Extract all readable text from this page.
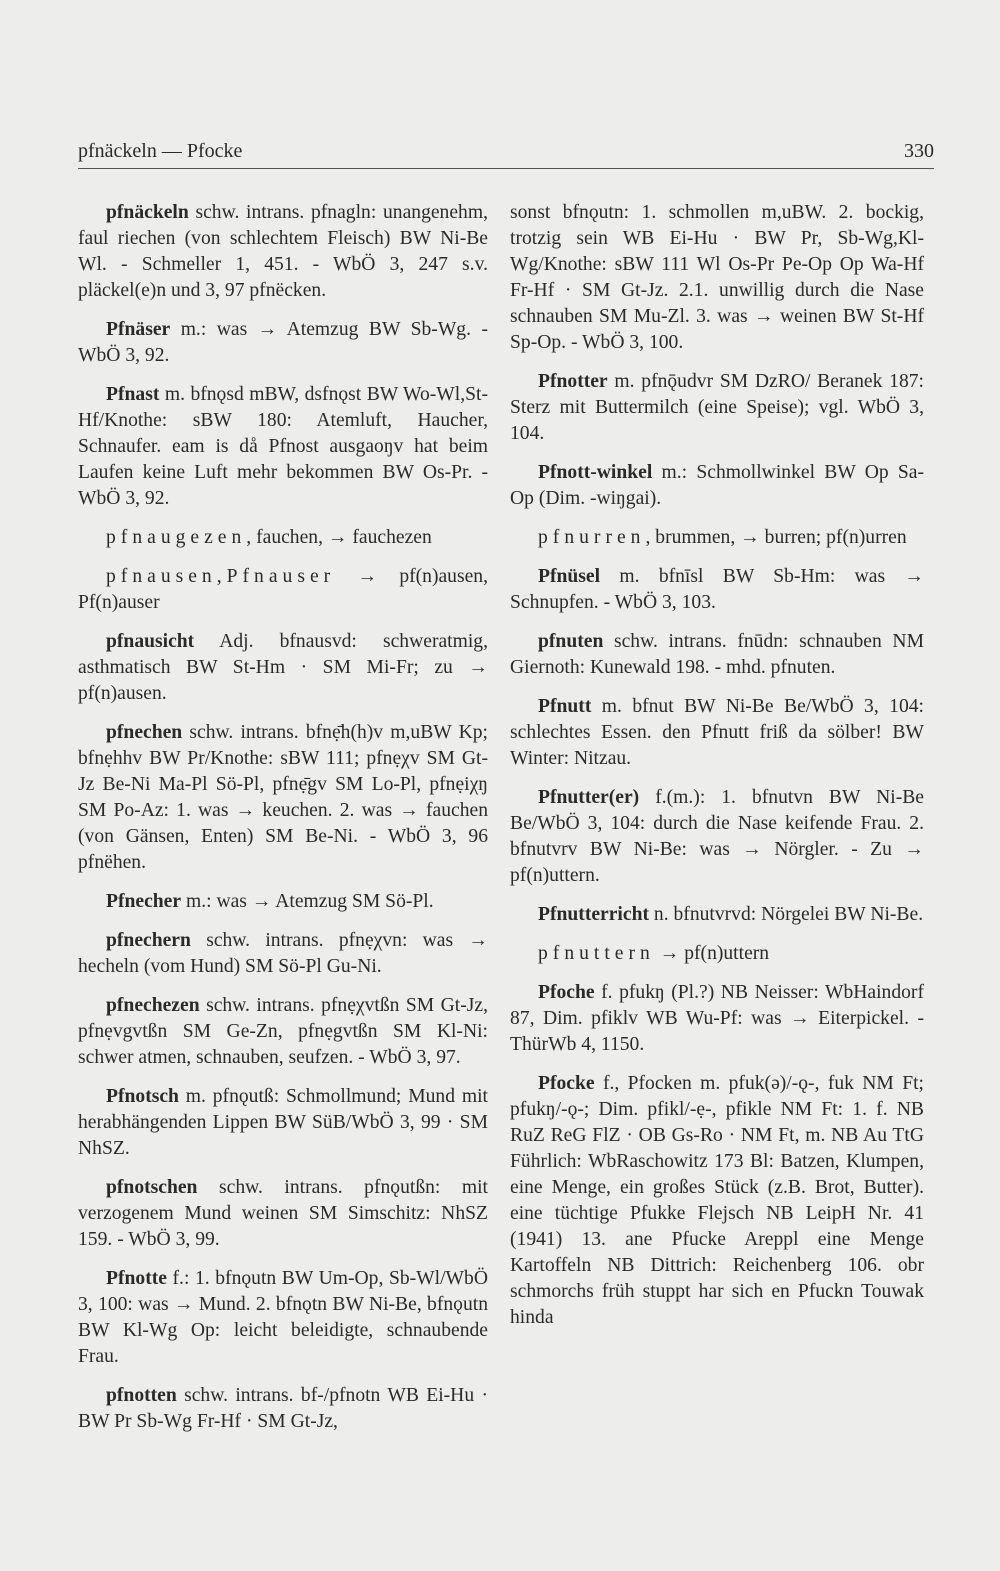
pfnäckeln — Pfocke	330

pfnäckeln schw. intrans. pfnagln: unangenehm, faul riechen (von schlechtem Fleisch) BW Ni-Be Wl. - Schmeller 1, 451. - WbÖ 3, 247 s.v. pläckel(e)n und 3, 97 pfnëcken.

Pfnäser m.: was → Atemzug BW Sb-Wg. - WbÖ 3, 92.

Pfnast m. bfnǫsd mBW, dsfnǫst BW Wo-Wl,St-Hf/Knothe: sBW 180: Atemluft, Haucher, Schnaufer. eam is då Pfnost ausgaoŋv hat beim Laufen keine Luft mehr bekommen BW Os-Pr. - WbÖ 3, 92.

pfnaugezen, fauchen, → fauchezen

pfnausen,Pfnauser → pf(n)ausen, Pf(n)auser

pfnausicht Adj. bfnausvd: schweratmig, asthmatisch BW St-Hm · SM Mi-Fr; zu → pf(n)ausen.

pfnechen schw. intrans. bfnẹ̄h(h)v m,uBW Kp; bfnẹhhv BW Pr/Knothe: sBW 111; pfnẹχv SM Gt-Jz Be-Ni Ma-Pl Sö-Pl, pfnẹ̄gv SM Lo-Pl, pfnẹiχŋ SM Po-Az: 1. was → keuchen. 2. was → fauchen (von Gänsen, Enten) SM Be-Ni. - WbÖ 3, 96 pfnëhen.

Pfnecher m.: was → Atemzug SM Sö-Pl.

pfnechern schw. intrans. pfnẹχvn: was → hecheln (vom Hund) SM Sö-Pl Gu-Ni.

pfnechezen schw. intrans. pfnẹχvtßn SM Gt-Jz, pfnẹvgvtßn SM Ge-Zn, pfnẹgvtßn SM Kl-Ni: schwer atmen, schnauben, seufzen. - WbÖ 3, 97.

Pfnotsch m. pfnǫutß: Schmollmund; Mund mit herabhängenden Lippen BW SüB/WbÖ 3, 99 · SM NhSZ.

pfnotschen schw. intrans. pfnǫutßn: mit verzogenem Mund weinen SM Simschitz: NhSZ 159. - WbÖ 3, 99.

Pfnotte f.: 1. bfnǫutn BW Um-Op, Sb-Wl/WbÖ 3, 100: was → Mund. 2. bfnǫtn BW Ni-Be, bfnǫutn BW Kl-Wg Op: leicht beleidigte, schnaubende Frau.

pfnotten schw. intrans. bf-/pfnotn WB Ei-Hu · BW Pr Sb-Wg Fr-Hf · SM Gt-Jz,

sonst bfnǫutn: 1. schmollen m,uBW. 2. bockig, trotzig sein WB Ei-Hu · BW Pr, Sb-Wg,Kl-Wg/Knothe: sBW 111 Wl Os-Pr Pe-Op Op Wa-Hf Fr-Hf · SM Gt-Jz. 2.1. unwillig durch die Nase schnauben SM Mu-Zl. 3. was → weinen BW St-Hf Sp-Op. - WbÖ 3, 100.

Pfnotter m. pfnǭudvr SM DzRO/ Beranek 187: Sterz mit Buttermilch (eine Speise); vgl. WbÖ 3, 104.

Pfnott-winkel m.: Schmollwinkel BW Op Sa-Op (Dim. -wiŋgai).

pfnurren, brummen, → burren; pf(n)urren

Pfnüsel m. bfnīsl BW Sb-Hm: was → Schnupfen. - WbÖ 3, 103.

pfnuten schw. intrans. fnūdn: schnauben NM Giernoth: Kunewald 198. - mhd. pfnuten.

Pfnutt m. bfnut BW Ni-Be Be/WbÖ 3, 104: schlechtes Essen. den Pfnutt friß da sölber! BW Winter: Nitzau.

Pfnutter(er) f.(m.): 1. bfnutvn BW Ni-Be Be/WbÖ 3, 104: durch die Nase keifende Frau. 2. bfnutvrv BW Ni-Be: was → Nörgler. - Zu → pf(n)uttern.

Pfnutterricht n. bfnutvrvd: Nörgelei BW Ni-Be.

pfnuttern → pf(n)uttern

Pfoche f. pfukŋ (Pl.?) NB Neisser: WbHaindorf 87, Dim. pfiklv WB Wu-Pf: was → Eiterpickel. - ThürWb 4, 1150.

Pfocke f., Pfocken m. pfuk(ə)/-ǫ-, fuk NM Ft; pfukŋ/-ǫ-; Dim. pfikl/-ẹ-, pfikle NM Ft: 1. f. NB RuZ ReG FlZ · OB Gs-Ro · NM Ft, m. NB Au TtG Führlich: WbRaschowitz 173 Bl: Batzen, Klumpen, eine Menge, ein großes Stück (z.B. Brot, Butter). eine tüchtige Pfukke Flejsch NB LeipH Nr. 41 (1941) 13. ane Pfucke Areppl eine Menge Kartoffeln NB Dittrich: Reichenberg 106. obr schmorchs früh stuppt har sich en Pfuckn Touwak hinda
